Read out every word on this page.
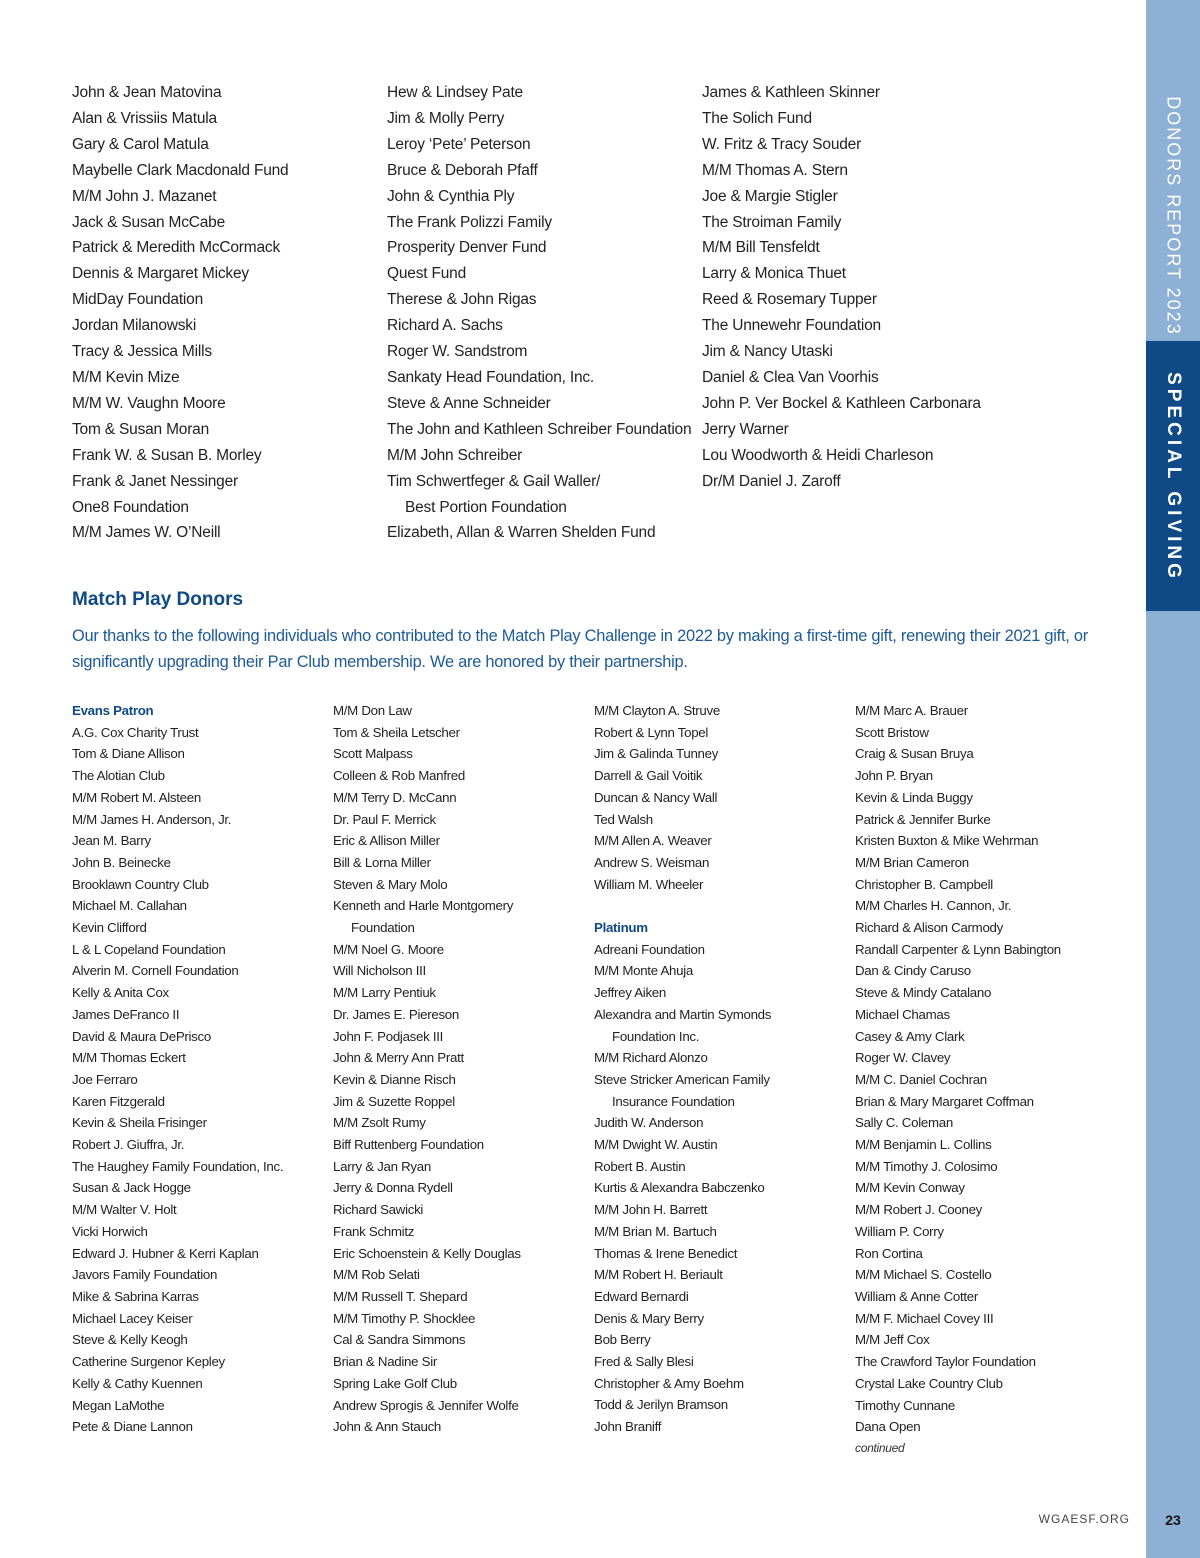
DONORS REPORT 2023
SPECIAL GIVING
23
WGAESF.ORG
John & Jean Matovina
Alan & Vrissiis Matula
Gary & Carol Matula
Maybelle Clark Macdonald Fund
M/M John J. Mazanet
Jack & Susan McCabe
Patrick & Meredith McCormack
Dennis & Margaret Mickey
MidDay Foundation
Jordan Milanowski
Tracy & Jessica Mills
M/M Kevin Mize
M/M W. Vaughn Moore
Tom & Susan Moran
Frank W. & Susan B. Morley
Frank & Janet Nessinger
One8 Foundation
M/M James W. O’Neill
Hew & Lindsey Pate
Jim & Molly Perry
Leroy ‘Pete’ Peterson
Bruce & Deborah Pfaff
John & Cynthia Ply
The Frank Polizzi Family
Prosperity Denver Fund
Quest Fund
Therese & John Rigas
Richard A. Sachs
Roger W. Sandstrom
Sankaty Head Foundation, Inc.
Steve & Anne Schneider
The John and Kathleen Schreiber Foundation
M/M John Schreiber
Tim Schwertfeger & Gail Waller/
Best Portion Foundation
Elizabeth, Allan & Warren Shelden Fund
James & Kathleen Skinner
The Solich Fund
W. Fritz & Tracy Souder
M/M Thomas A. Stern
Joe & Margie Stigler
The Stroiman Family
M/M Bill Tensfeldt
Larry & Monica Thuet
Reed & Rosemary Tupper
The Unnewehr Foundation
Jim & Nancy Utaski
Daniel & Clea Van Voorhis
John P. Ver Bockel & Kathleen Carbonara
Jerry Warner
Lou Woodworth & Heidi Charleson
Dr/M Daniel J. Zaroff
Match Play Donors

Our thanks to the following individuals who contributed to the Match Play Challenge in 2022 by making a first-time gift, renewing their 2021 gift, or significantly upgrading their Par Club membership. We are honored by their partnership.

Evans Patron
A.G. Cox Charity Trust
Tom & Diane Allison
The Alotian Club
M/M Robert M. Alsteen
M/M James H. Anderson, Jr.
Jean M. Barry
John B. Beinecke
Brooklawn Country Club
Michael M. Callahan
Kevin Clifford
L & L Copeland Foundation
Alverin M. Cornell Foundation
Kelly & Anita Cox
James DeFranco II
David & Maura DePrisco
M/M Thomas Eckert
Joe Ferraro
Karen Fitzgerald
Kevin & Sheila Frisinger
Robert J. Giuffra, Jr.
The Haughey Family Foundation, Inc.
Susan & Jack Hogge
M/M Walter V. Holt
Vicki Horwich
Edward J. Hubner & Kerri Kaplan
Javors Family Foundation
Mike & Sabrina Karras
Michael Lacey Keiser
Steve & Kelly Keogh
Catherine Surgenor Kepley
Kelly & Cathy Kuennen
Megan LaMothe
Pete & Diane Lannon
M/M Don Law
Tom & Sheila Letscher
Scott Malpass
Colleen & Rob Manfred
M/M Terry D. McCann
Dr. Paul F. Merrick
Eric & Allison Miller
Bill & Lorna Miller
Steven & Mary Molo
Kenneth and Harle Montgomery
Foundation
M/M Noel G. Moore
Will Nicholson III
M/M Larry Pentiuk
Dr. James E. Piereson
John F. Podjasek III
John & Merry Ann Pratt
Kevin & Dianne Risch
Jim & Suzette Roppel
M/M Zsolt Rumy
Biff Ruttenberg Foundation
Larry & Jan Ryan
Jerry & Donna Rydell
Richard Sawicki
Frank Schmitz
Eric Schoenstein & Kelly Douglas
M/M Rob Selati
M/M Russell T. Shepard
M/M Timothy P. Shocklee
Cal & Sandra Simmons
Brian & Nadine Sir
Spring Lake Golf Club
Andrew Sprogis & Jennifer Wolfe
John & Ann Stauch
M/M Clayton A. Struve
Robert & Lynn Topel
Jim & Galinda Tunney
Darrell & Gail Voitik
Duncan & Nancy Wall
Ted Walsh
M/M Allen A. Weaver
Andrew S. Weisman
William M. Wheeler
Platinum
Adreani Foundation
M/M Monte Ahuja
Jeffrey Aiken
Alexandra and Martin Symonds
Foundation Inc.
M/M Richard Alonzo
Steve Stricker American Family
Insurance Foundation
Judith W. Anderson
M/M Dwight W. Austin
Robert B. Austin
Kurtis & Alexandra Babczenko
M/M John H. Barrett
M/M Brian M. Bartuch
Thomas & Irene Benedict
M/M Robert H. Beriault
Edward Bernardi
Denis & Mary Berry
Bob Berry
Fred & Sally Blesi
Christopher & Amy Boehm
Todd & Jerilyn Bramson
John Braniff
M/M Marc A. Brauer
Scott Bristow
Craig & Susan Bruya
John P. Bryan
Kevin & Linda Buggy
Patrick & Jennifer Burke
Kristen Buxton & Mike Wehrman
M/M Brian Cameron
Christopher B. Campbell
M/M Charles H. Cannon, Jr.
Richard & Alison Carmody
Randall Carpenter & Lynn Babington
Dan & Cindy Caruso
Steve & Mindy Catalano
Michael Chamas
Casey & Amy Clark
Roger W. Clavey
M/M C. Daniel Cochran
Brian & Mary Margaret Coffman
Sally C. Coleman
M/M Benjamin L. Collins
M/M Timothy J. Colosimo
M/M Kevin Conway
M/M Robert J. Cooney
William P. Corry
Ron Cortina
M/M Michael S. Costello
William & Anne Cotter
M/M F. Michael Covey III
M/M Jeff Cox
The Crawford Taylor Foundation
Crystal Lake Country Club
Timothy Cunnane
Dana Open
continued
